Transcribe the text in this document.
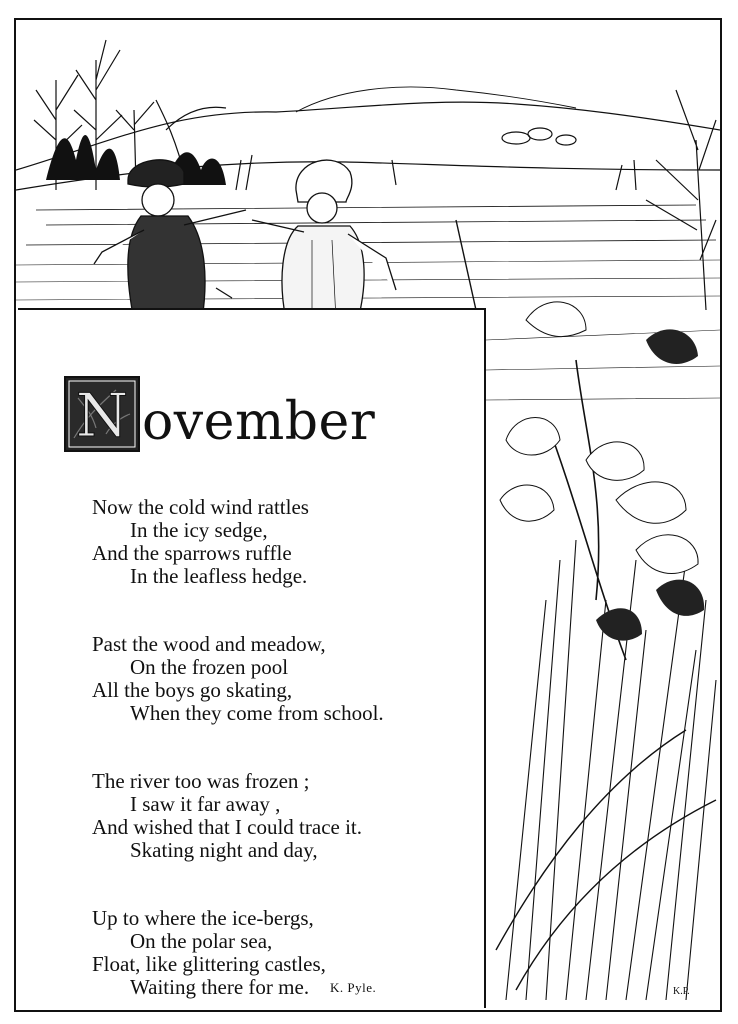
N ovember
Now the cold wind rattles
In the icy sedge,
And the sparrows ruffle
In the leafless hedge.
Past the wood and meadow,
On the frozen pool
All the boys go skating,
When they come from school.
The river too was frozen ;
I saw it far away ,
And wished that I could trace it.
Skating night and day,
Up to where the ice-bergs,
On the polar sea,
Float, like glittering castles,
Waiting there for me.	K. Pyle.	K.P.
